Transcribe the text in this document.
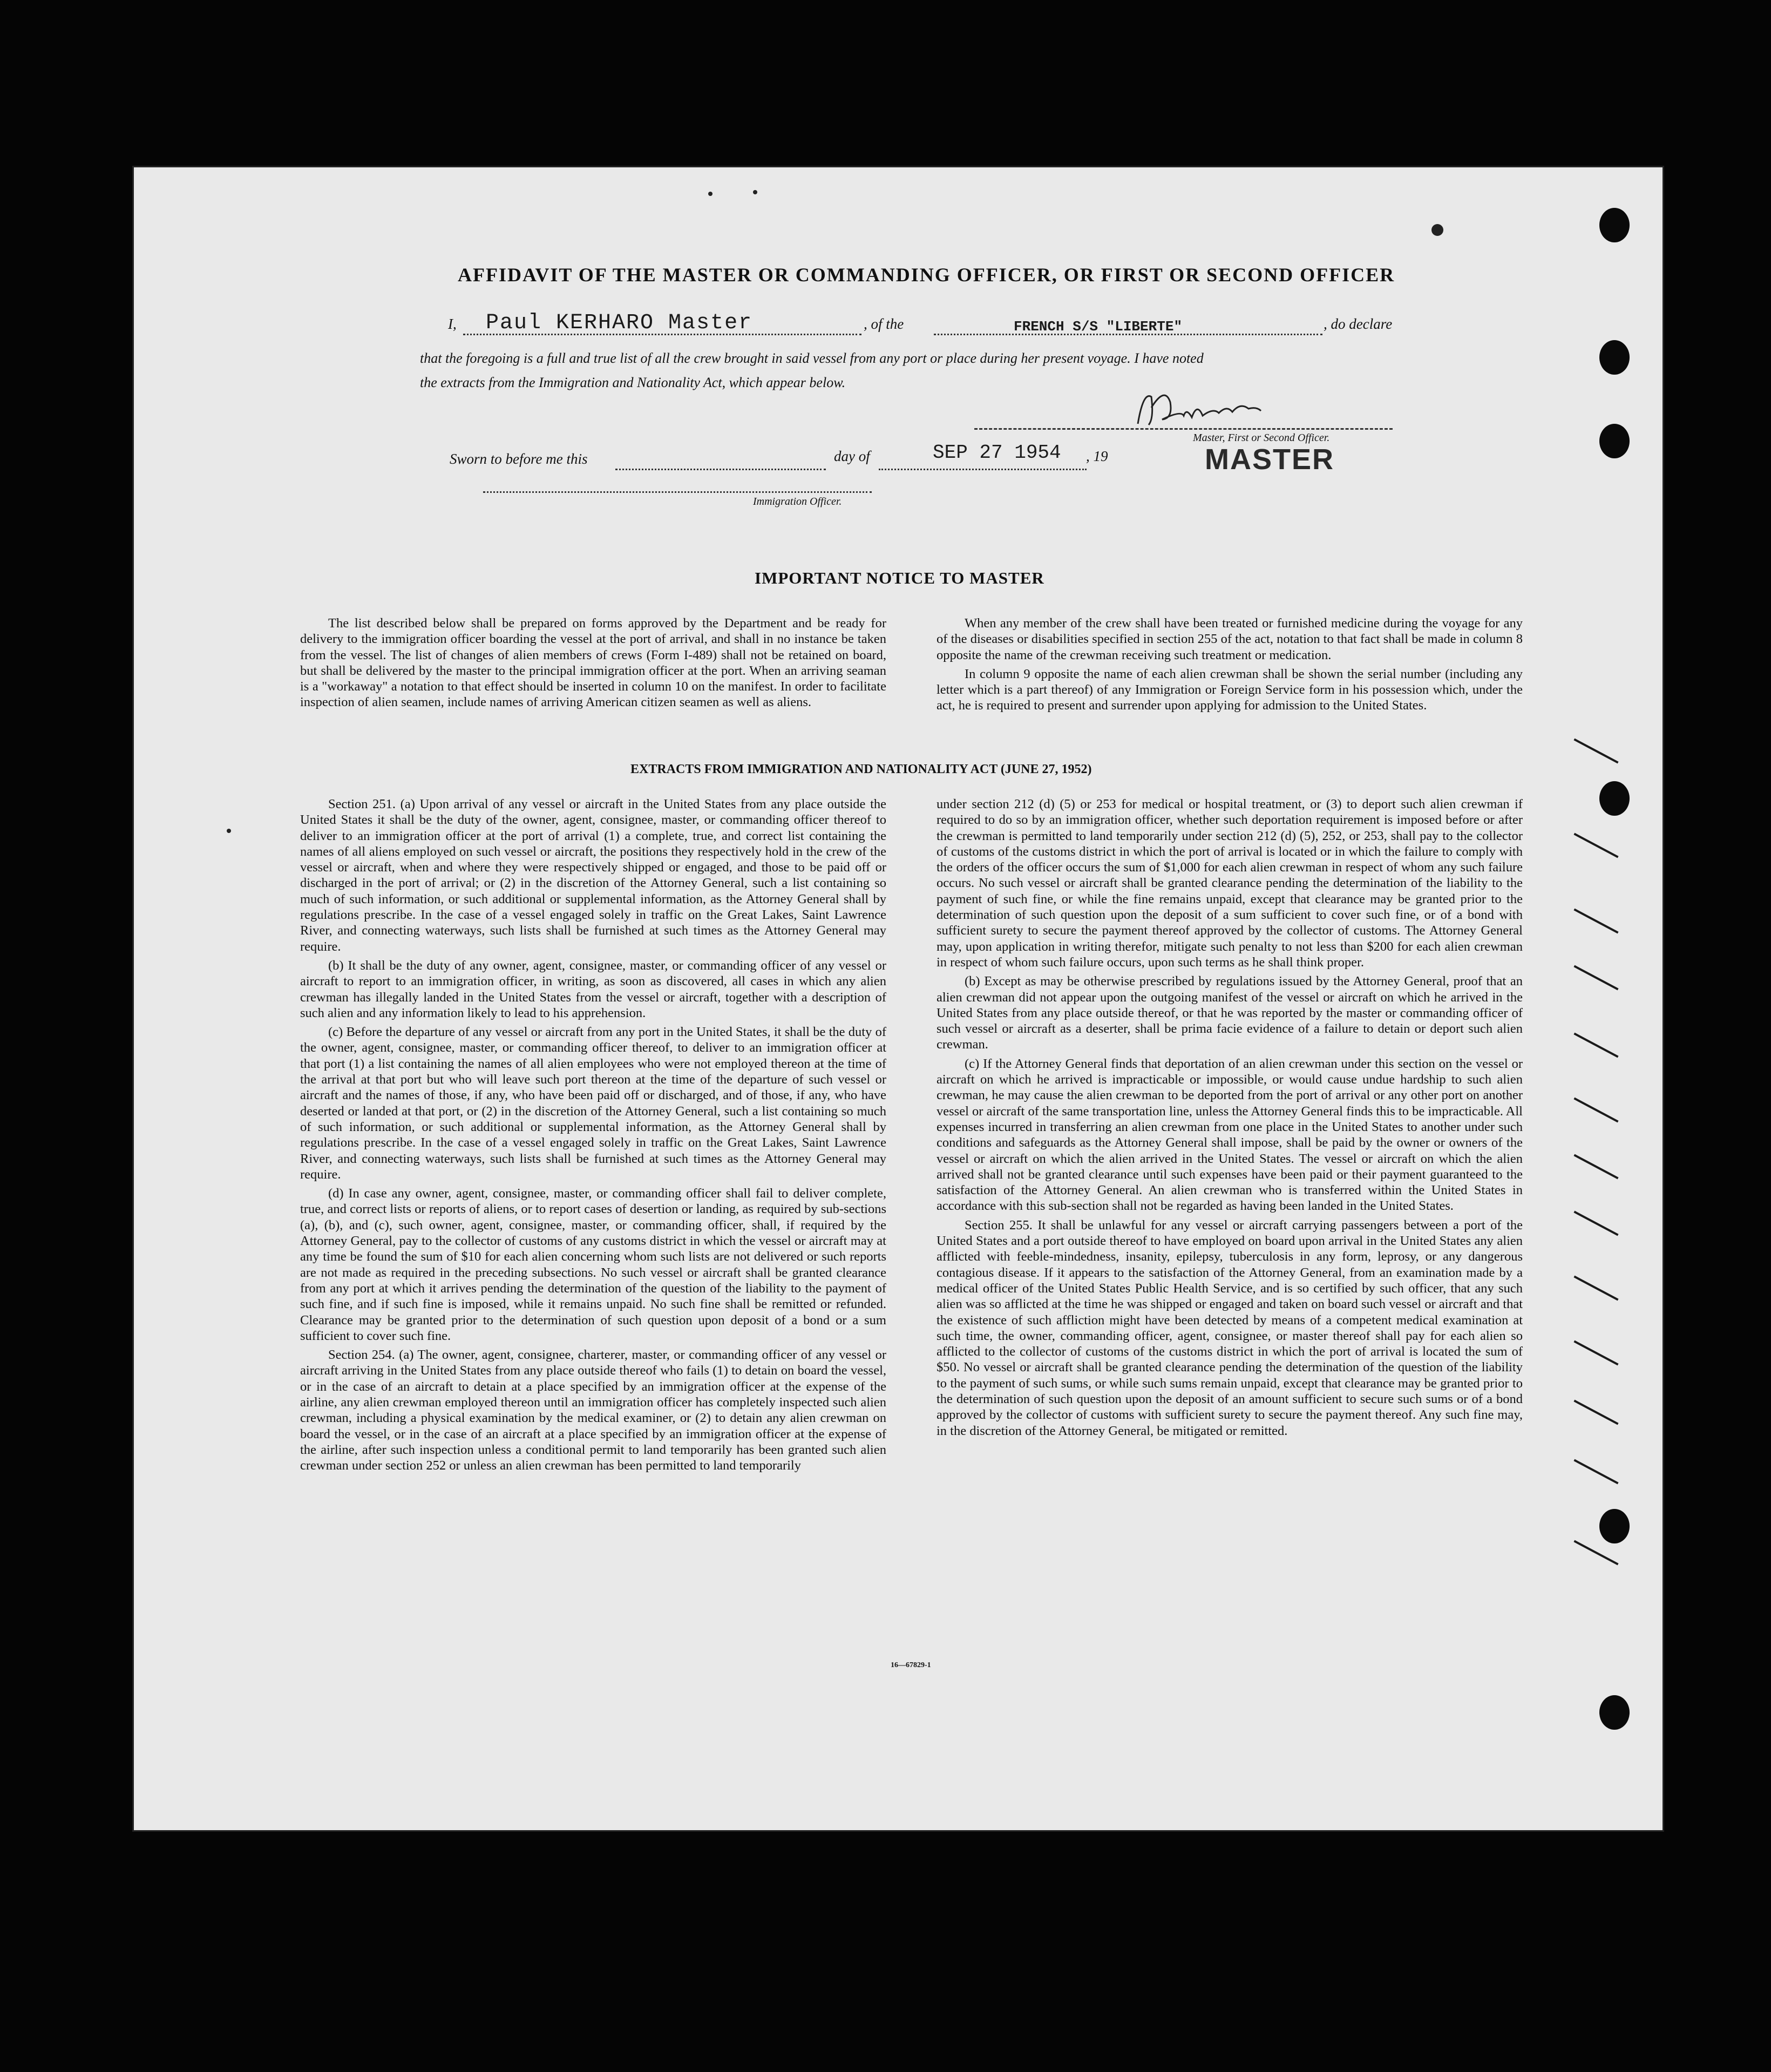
AFFIDAVIT OF THE MASTER OR COMMANDING OFFICER, OR FIRST OR SECOND OFFICER
I, Paul KERHARO Master	, of the	FRENCH S/S "LIBERTE"	, do declare
that the foregoing is a full and true list of all the crew brought in said vessel from any port or place during her present voyage. I have noted
the extracts from the Immigration and Nationality Act, which appear below.
Master, First or Second Officer.
MASTER
Sworn to before me this	day of	SEP 27 1954 , 19
Immigration Officer.
IMPORTANT NOTICE TO MASTER

The list described below shall be prepared on forms approved by the Department and be ready for delivery to the immigration officer boarding the vessel at the port of arrival, and shall in no instance be taken from the vessel. The list of changes of alien members of crews (Form I-489) shall not be retained on board, but shall be delivered by the master to the principal immigration officer at the port. When an arriving seaman is a "workaway" a notation to that effect should be inserted in column 10 on the manifest. In order to facilitate inspection of alien seamen, include names of arriving American citizen seamen as well as aliens.

When any member of the crew shall have been treated or furnished medicine during the voyage for any of the diseases or disabilities specified in section 255 of the act, notation to that fact shall be made in column 8 opposite the name of the crewman receiving such treatment or medication.

In column 9 opposite the name of each alien crewman shall be shown the serial number (including any letter which is a part thereof) of any Immigration or Foreign Service form in his possession which, under the act, he is required to present and surrender upon applying for admission to the United States.

EXTRACTS FROM IMMIGRATION AND NATIONALITY ACT (JUNE 27, 1952)

Section 251. (a) Upon arrival of any vessel or aircraft in the United States from any place outside the United States it shall be the duty of the owner, agent, consignee, master, or commanding officer thereof to deliver to an immigration officer at the port of arrival (1) a complete, true, and correct list containing the names of all aliens employed on such vessel or aircraft, the positions they respectively hold in the crew of the vessel or aircraft, when and where they were respectively shipped or engaged, and those to be paid off or discharged in the port of arrival; or (2) in the discretion of the Attorney General, such a list containing so much of such information, or such additional or supplemental information, as the Attorney General shall by regulations prescribe. In the case of a vessel engaged solely in traffic on the Great Lakes, Saint Lawrence River, and connecting waterways, such lists shall be furnished at such times as the Attorney General may require.

(b) It shall be the duty of any owner, agent, consignee, master, or commanding officer of any vessel or aircraft to report to an immigration officer, in writing, as soon as discovered, all cases in which any alien crewman has illegally landed in the United States from the vessel or aircraft, together with a description of such alien and any information likely to lead to his apprehension.

(c) Before the departure of any vessel or aircraft from any port in the United States, it shall be the duty of the owner, agent, consignee, master, or commanding officer thereof, to deliver to an immigration officer at that port (1) a list containing the names of all alien employees who were not employed thereon at the time of the arrival at that port but who will leave such port thereon at the time of the departure of such vessel or aircraft and the names of those, if any, who have been paid off or discharged, and of those, if any, who have deserted or landed at that port, or (2) in the discretion of the Attorney General, such a list containing so much of such information, or such additional or supplemental information, as the Attorney General shall by regulations prescribe. In the case of a vessel engaged solely in traffic on the Great Lakes, Saint Lawrence River, and connecting waterways, such lists shall be furnished at such times as the Attorney General may require.

(d) In case any owner, agent, consignee, master, or commanding officer shall fail to deliver complete, true, and correct lists or reports of aliens, or to report cases of desertion or landing, as required by sub-sections (a), (b), and (c), such owner, agent, consignee, master, or commanding officer, shall, if required by the Attorney General, pay to the collector of customs of any customs district in which the vessel or aircraft may at any time be found the sum of $10 for each alien concerning whom such lists are not delivered or such reports are not made as required in the preceding subsections. No such vessel or aircraft shall be granted clearance from any port at which it arrives pending the determination of the question of the liability to the payment of such fine, and if such fine is imposed, while it remains unpaid. No such fine shall be remitted or refunded. Clearance may be granted prior to the determination of such question upon deposit of a bond or a sum sufficient to cover such fine.

Section 254. (a) The owner, agent, consignee, charterer, master, or commanding officer of any vessel or aircraft arriving in the United States from any place outside thereof who fails (1) to detain on board the vessel, or in the case of an aircraft to detain at a place specified by an immigration officer at the expense of the airline, any alien crewman employed thereon until an immigration officer has completely inspected such alien crewman, including a physical examination by the medical examiner, or (2) to detain any alien crewman on board the vessel, or in the case of an aircraft at a place specified by an immigration officer at the expense of the airline, after such inspection unless a conditional permit to land temporarily has been granted such alien crewman under section 252 or unless an alien crewman has been permitted to land temporarily

under section 212 (d) (5) or 253 for medical or hospital treatment, or (3) to deport such alien crewman if required to do so by an immigration officer, whether such deportation requirement is imposed before or after the crewman is permitted to land temporarily under section 212 (d) (5), 252, or 253, shall pay to the collector of customs of the customs district in which the port of arrival is located or in which the failure to comply with the orders of the officer occurs the sum of $1,000 for each alien crewman in respect of whom any such failure occurs. No such vessel or aircraft shall be granted clearance pending the determination of the liability to the payment of such fine, or while the fine remains unpaid, except that clearance may be granted prior to the determination of such question upon the deposit of a sum sufficient to cover such fine, or of a bond with sufficient surety to secure the payment thereof approved by the collector of customs. The Attorney General may, upon application in writing therefor, mitigate such penalty to not less than $200 for each alien crewman in respect of whom such failure occurs, upon such terms as he shall think proper.

(b) Except as may be otherwise prescribed by regulations issued by the Attorney General, proof that an alien crewman did not appear upon the outgoing manifest of the vessel or aircraft on which he arrived in the United States from any place outside thereof, or that he was reported by the master or commanding officer of such vessel or aircraft as a deserter, shall be prima facie evidence of a failure to detain or deport such alien crewman.

(c) If the Attorney General finds that deportation of an alien crewman under this section on the vessel or aircraft on which he arrived is impracticable or impossible, or would cause undue hardship to such alien crewman, he may cause the alien crewman to be deported from the port of arrival or any other port on another vessel or aircraft of the same transportation line, unless the Attorney General finds this to be impracticable. All expenses incurred in transferring an alien crewman from one place in the United States to another under such conditions and safeguards as the Attorney General shall impose, shall be paid by the owner or owners of the vessel or aircraft on which the alien arrived in the United States. The vessel or aircraft on which the alien arrived shall not be granted clearance until such expenses have been paid or their payment guaranteed to the satisfaction of the Attorney General. An alien crewman who is transferred within the United States in accordance with this sub-section shall not be regarded as having been landed in the United States.

Section 255. It shall be unlawful for any vessel or aircraft carrying passengers between a port of the United States and a port outside thereof to have employed on board upon arrival in the United States any alien afflicted with feeble-mindedness, insanity, epilepsy, tuberculosis in any form, leprosy, or any dangerous contagious disease. If it appears to the satisfaction of the Attorney General, from an examination made by a medical officer of the United States Public Health Service, and is so certified by such officer, that any such alien was so afflicted at the time he was shipped or engaged and taken on board such vessel or aircraft and that the existence of such affliction might have been detected by means of a competent medical examination at such time, the owner, commanding officer, agent, consignee, or master thereof shall pay for each alien so afflicted to the collector of customs of the customs district in which the port of arrival is located the sum of $50. No vessel or aircraft shall be granted clearance pending the determination of the question of the liability to the payment of such sums, or while such sums remain unpaid, except that clearance may be granted prior to the determination of such question upon the deposit of an amount sufficient to secure such sums or of a bond approved by the collector of customs with sufficient surety to secure the payment thereof. Any such fine may, in the discretion of the Attorney General, be mitigated or remitted.

16—67829-1
